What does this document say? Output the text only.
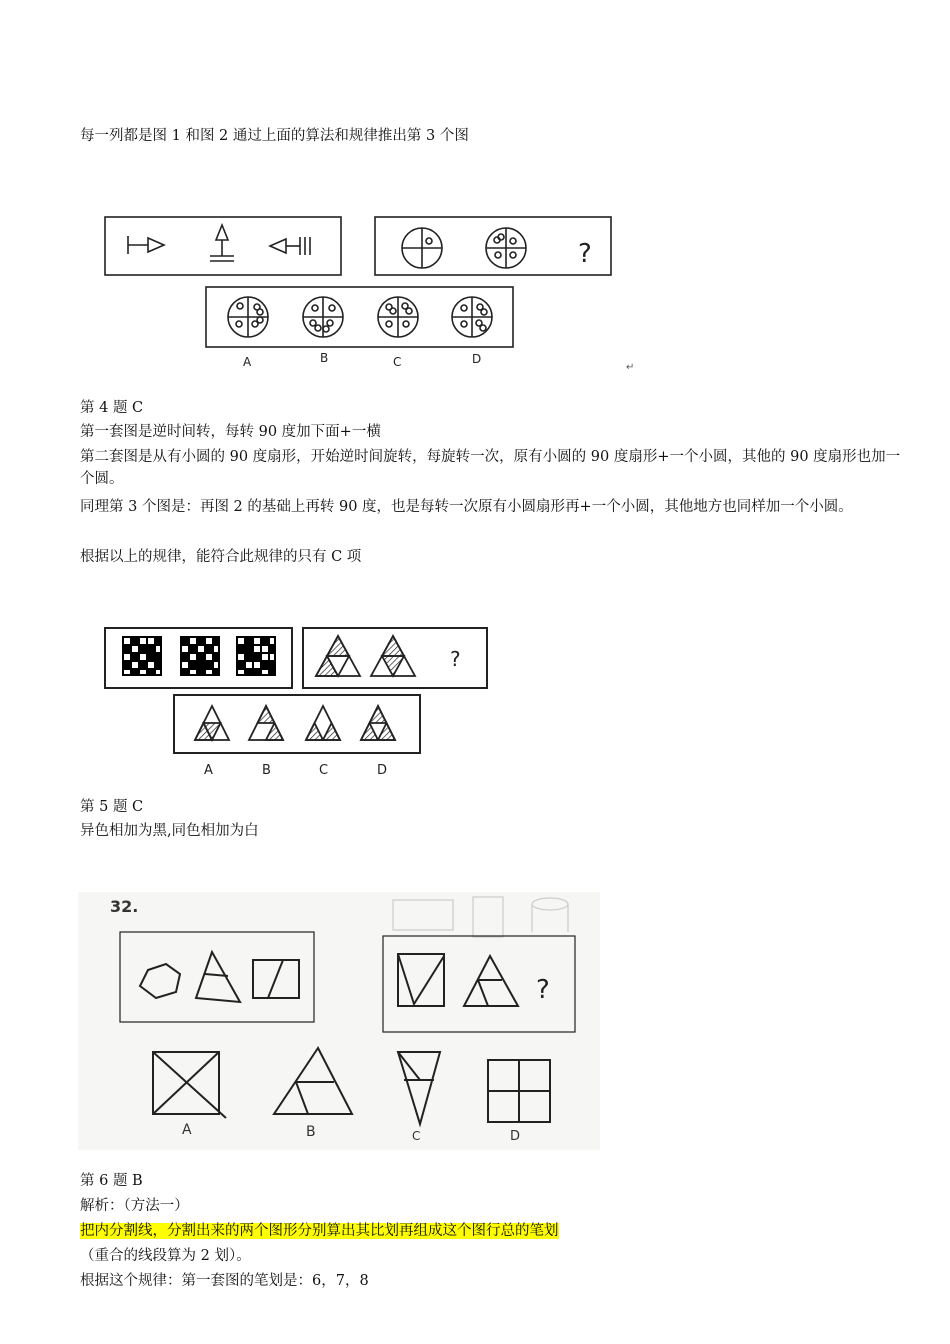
每一列都是图 1 和图 2 通过上面的算法和规律推出第 3 个图
?
A	B	C	D
↵
第 4 题 C
第一套图是逆时间转，每转 90 度加下面+一横
第二套图是从有小圆的 90 度扇形，开始逆时间旋转，每旋转一次，原有小圆的 90 度扇形+一个小圆，其他的 90 度扇形也加一个圆。
同理第 3 个图是：再图 2 的基础上再转 90 度，也是每转一次原有小圆扇形再+一个小圆，其他地方也同样加一个小圆。
根据以上的规律，能符合此规律的只有 C 项
?
A	B	C	D
第 5 题 C
异色相加为黑,同色相加为白
32.
?
A	B	C	D
第 6 题 B
解析：（方法一）
把内分割线，分割出来的两个图形分别算出其比划再组成这个图行总的笔划
（重合的线段算为 2 划）。
根据这个规律：第一套图的笔划是：6，7，8
